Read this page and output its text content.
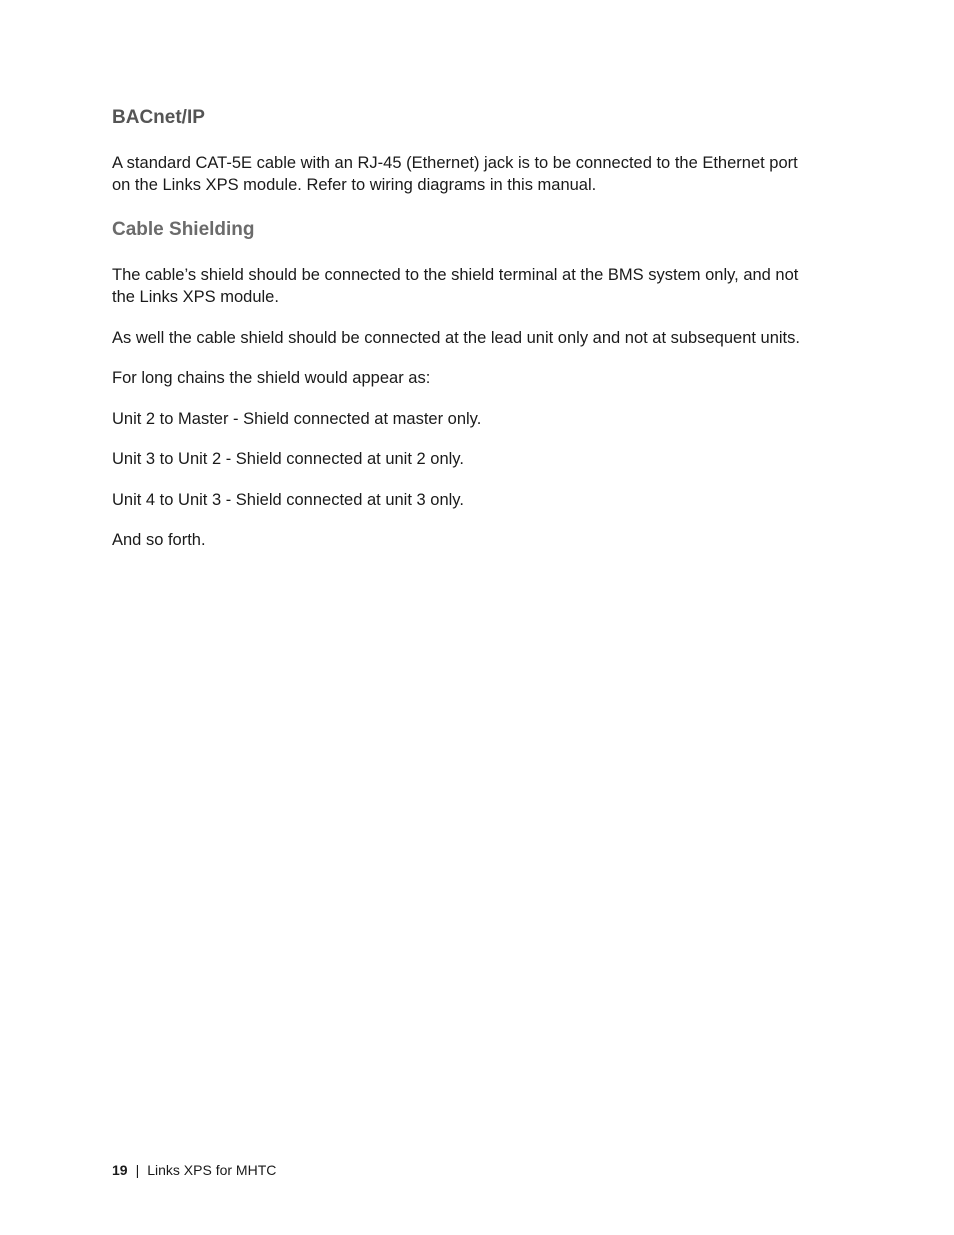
BACnet/IP

A standard CAT-5E cable with an RJ-45 (Ethernet) jack is to be connected to the Ethernet port
on the Links XPS module. Refer to wiring diagrams in this manual.

Cable Shielding

The cable’s shield should be connected to the shield terminal at the BMS system only, and not
the Links XPS module.

As well the cable shield should be connected at the lead unit only and not at subsequent units.

For long chains the shield would appear as:

Unit 2 to Master - Shield connected at master only.

Unit 3 to Unit 2 - Shield connected at unit 2 only.

Unit 4 to Unit 3 - Shield connected at unit 3 only.

And so forth.

19 | Links XPS for MHTC
